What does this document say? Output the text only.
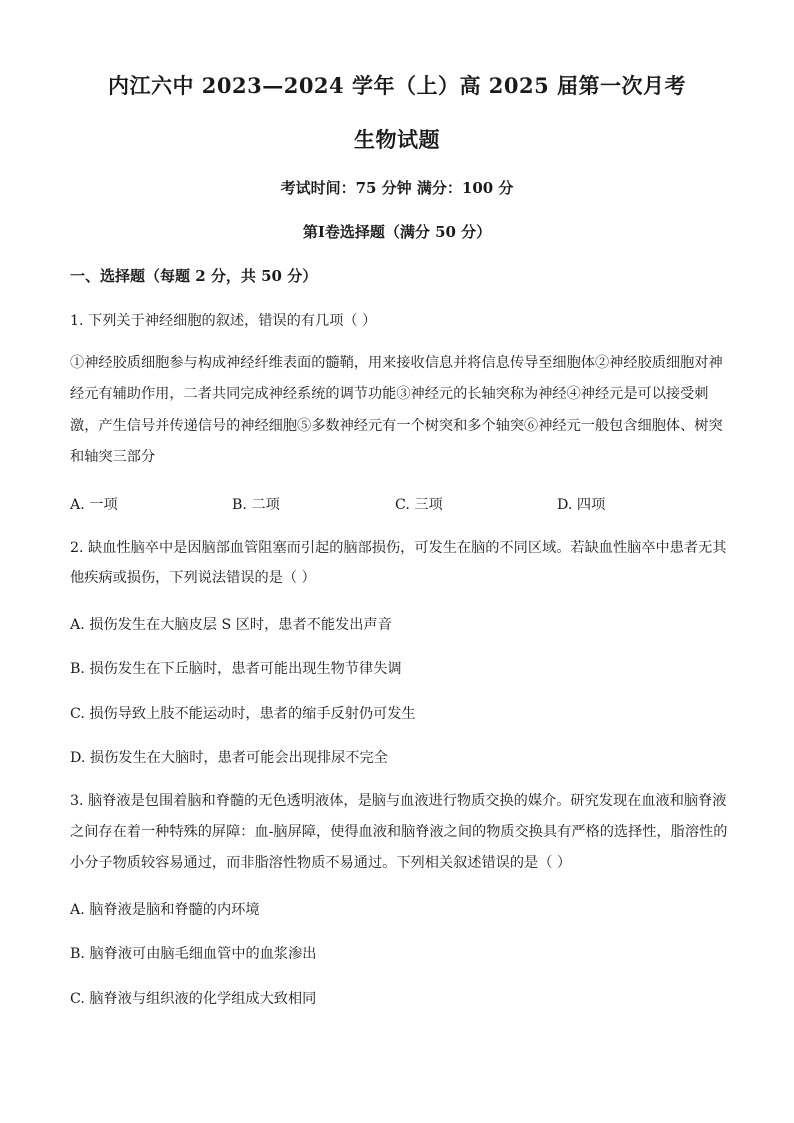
内江六中 2023—2024 学年（上）高 2025 届第一次月考
生物试题
考试时间：75 分钟 满分：100 分
第Ⅰ卷选择题（满分 50 分）
一、选择题（每题 2 分，共 50 分）
1. 下列关于神经细胞的叙述，错误的有几项（ ）
①神经胶质细胞参与构成神经纤维表面的髓鞘，用来接收信息并将信息传导至细胞体②神经胶质细胞对神
经元有辅助作用，二者共同完成神经系统的调节功能③神经元的长轴突称为神经④神经元是可以接受刺
激，产生信号并传递信号的神经细胞⑤多数神经元有一个树突和多个轴突⑥神经元一般包含细胞体、树突
和轴突三部分
A. 一项	B. 二项	C. 三项	D. 四项
2. 缺血性脑卒中是因脑部血管阻塞而引起的脑部损伤，可发生在脑的不同区域。若缺血性脑卒中患者无其
他疾病或损伤，下列说法错误的是（ ）
A. 损伤发生在大脑皮层 S 区时，患者不能发出声音
B. 损伤发生在下丘脑时，患者可能出现生物节律失调
C. 损伤导致上肢不能运动时，患者的缩手反射仍可发生
D. 损伤发生在大脑时，患者可能会出现排尿不完全
3. 脑脊液是包围着脑和脊髓的无色透明液体，是脑与血液进行物质交换的媒介。研究发现在血液和脑脊液
之间存在着一种特殊的屏障：血-脑屏障，使得血液和脑脊液之间的物质交换具有严格的选择性，脂溶性的
小分子物质较容易通过，而非脂溶性物质不易通过。下列相关叙述错误的是（ ）
A. 脑脊液是脑和脊髓的内环境
B. 脑脊液可由脑毛细血管中的血浆渗出
C. 脑脊液与组织液的化学组成大致相同
